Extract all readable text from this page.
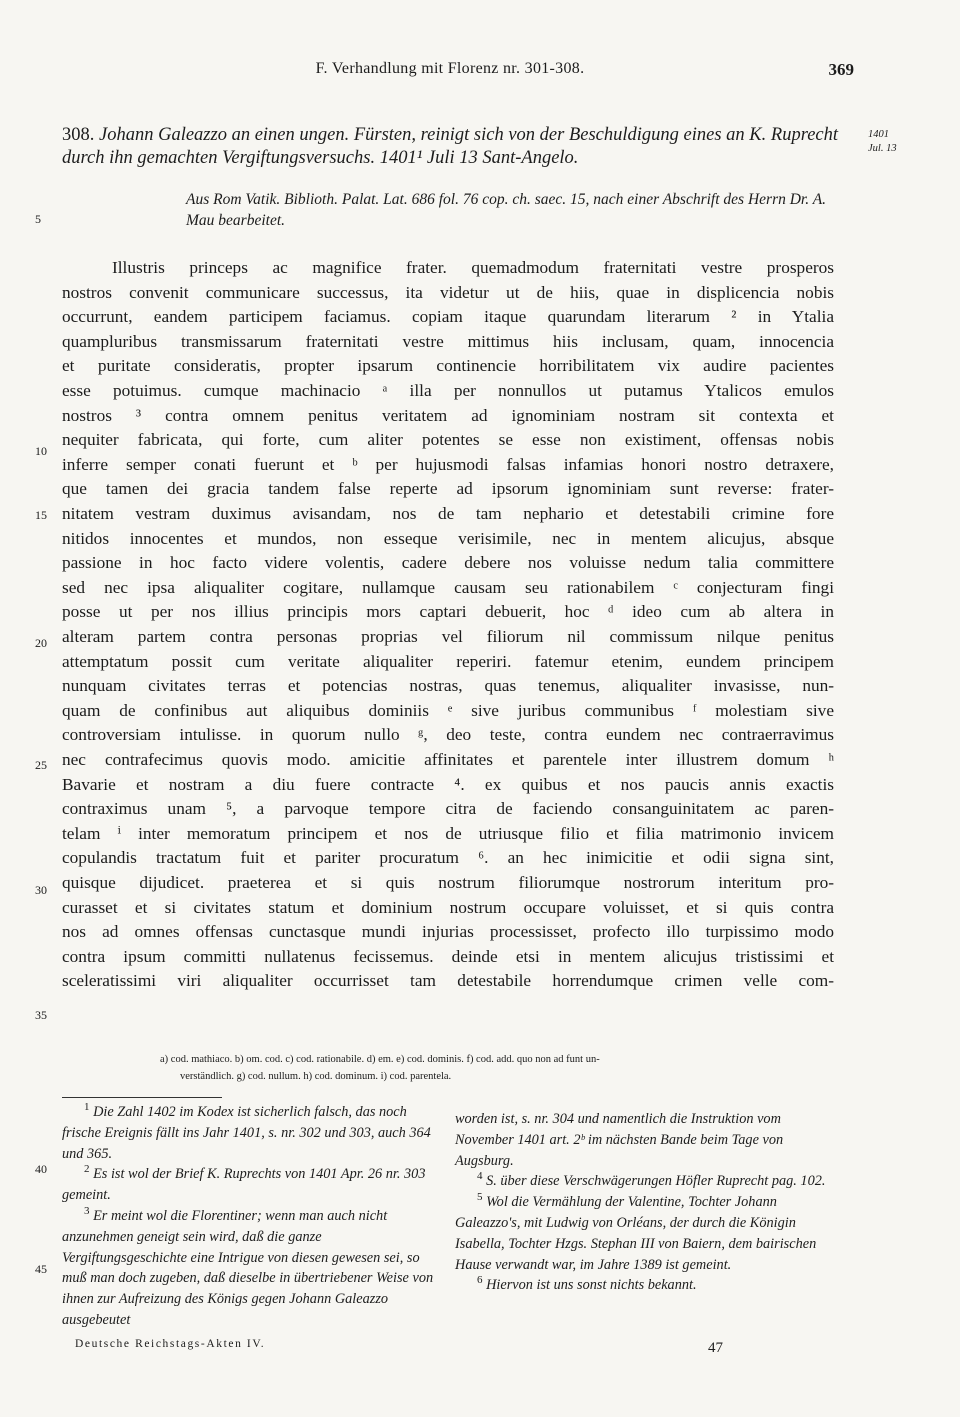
F. Verhandlung mit Florenz nr. 301-308.	369
308. Johann Galeazzo an einen ungen. Fürsten, reinigt sich von der Beschuldigung eines an K. Ruprecht durch ihn gemachten Vergiftungsversuchs. 1401¹ Juli 13 Sant-Angelo.
1401
Jul. 13
Aus Rom Vatik. Biblioth. Palat. Lat. 686 fol. 76 cop. ch. saec. 15, nach einer Abschrift des Herrn Dr. A. Mau bearbeitet.
Illustris princeps ac magnifice frater. quemadmodum fraternitati vestre prosperos
nostros convenit communicare successus, ita videtur ut de hiis, quae in displicencia nobis
occurrunt, eandem participem faciamus. copiam itaque quarundam literarum ² in Ytalia
quampluribus transmissarum fraternitati vestre mittimus hiis inclusam, quam, innocencia
et puritate consideratis, propter ipsarum continencie horribilitatem vix audire pacientes
esse potuimus. cumque machinacio ᵃ illa per nonnullos ut putamus Ytalicos emulos
nostros ³ contra omnem penitus veritatem ad ignominiam nostram sit contexta et
nequiter fabricata, qui forte, cum aliter potentes se esse non existiment, offensas nobis
inferre semper conati fuerunt et ᵇ per hujusmodi falsas infamias honori nostro detraxere,
que tamen dei gracia tandem false reperte ad ipsorum ignominiam sunt reverse: frater-
nitatem vestram duximus avisandam, nos de tam nephario et detestabili crimine fore
nitidos innocentes et mundos, non esseque verisimile, nec in mentem alicujus, absque
passione in hoc facto videre volentis, cadere debere nos voluisse nedum talia committere
sed nec ipsa aliqualiter cogitare, nullamque causam seu rationabilem ᶜ conjecturam fingi
posse ut per nos illius principis mors captari debuerit, hoc ᵈ ideo cum ab altera in
alteram partem contra personas proprias vel filiorum nil commissum nilque penitus
attemptatum possit cum veritate aliqualiter reperiri. fatemur etenim, eundem principem
nunquam civitates terras et potencias nostras, quas tenemus, aliqualiter invasisse, nun-
quam de confinibus aut aliquibus dominiis ᵉ sive juribus communibus ᶠ molestiam sive
controversiam intulisse. in quorum nullo ᵍ, deo teste, contra eundem nec contraerravimus
nec contrafecimus quovis modo. amicitie affinitates et parentele inter illustrem domum ʰ
Bavarie et nostram a diu fuere contracte ⁴. ex quibus et nos paucis annis exactis
contraximus unam ⁵, a parvoque tempore citra de faciendo consanguinitatem ac paren-
telam ⁱ inter memoratum principem et nos de utriusque filio et filia matrimonio invicem
copulandis tractatum fuit et pariter procuratum ⁶. an hec inimicitie et odii signa sint,
quisque dijudicet. praeterea et si quis nostrum filiorumque nostrorum interitum pro-
curasset et si civitates statum et dominium nostrum occupare voluisset, et si quis contra
nos ad omnes offensas cunctasque mundi injurias processisset, profecto illo turpissimo modo
contra ipsum committi nullatenus fecissemus. deinde etsi in mentem alicujus tristissimi et
sceleratissimi viri aliqualiter occurrisset tam detestabile horrendumque crimen velle com-
5
10
15
20
25
30
35
40
45
a) cod. mathiaco. b) om. cod. c) cod. rationabile. d) em. e) cod. dominis. f) cod. add. quo non ad funt un-
verständlich. g) cod. nullum. h) cod. dominum. i) cod. parentela.

$^1$ Die Zahl 1402 im Kodex ist sicherlich falsch, das noch frische Ereignis fällt ins Jahr 1401, s. nr. 302 und 303, auch 364 und 365.

$^2$ Es ist wol der Brief K. Ruprechts von 1401 Apr. 26 nr. 303 gemeint.

$^3$ Er meint wol die Florentiner; wenn man auch nicht anzunehmen geneigt sein wird, daß die ganze Vergiftungsgeschichte eine Intrigue von diesen gewesen sei, so muß man doch zugeben, daß dieselbe in übertriebener Weise von ihnen zur Aufreizung des Königs gegen Johann Galeazzo ausgebeutet

worden ist, s. nr. 304 und namentlich die Instruktion vom November 1401 art. 2ᵇ im nächsten Bande beim Tage von Augsburg.

$^4$ S. über diese Verschwägerungen Höfler Ruprecht pag. 102.

$^5$ Wol die Vermählung der Valentine, Tochter Johann Galeazzo's, mit Ludwig von Orléans, der durch die Königin Isabella, Tochter Hzgs. Stephan III von Baiern, dem bairischen Hause verwandt war, im Jahre 1389 ist gemeint.

$^6$ Hiervon ist uns sonst nichts bekannt.

Deutsche Reichstags-Akten IV.	47
